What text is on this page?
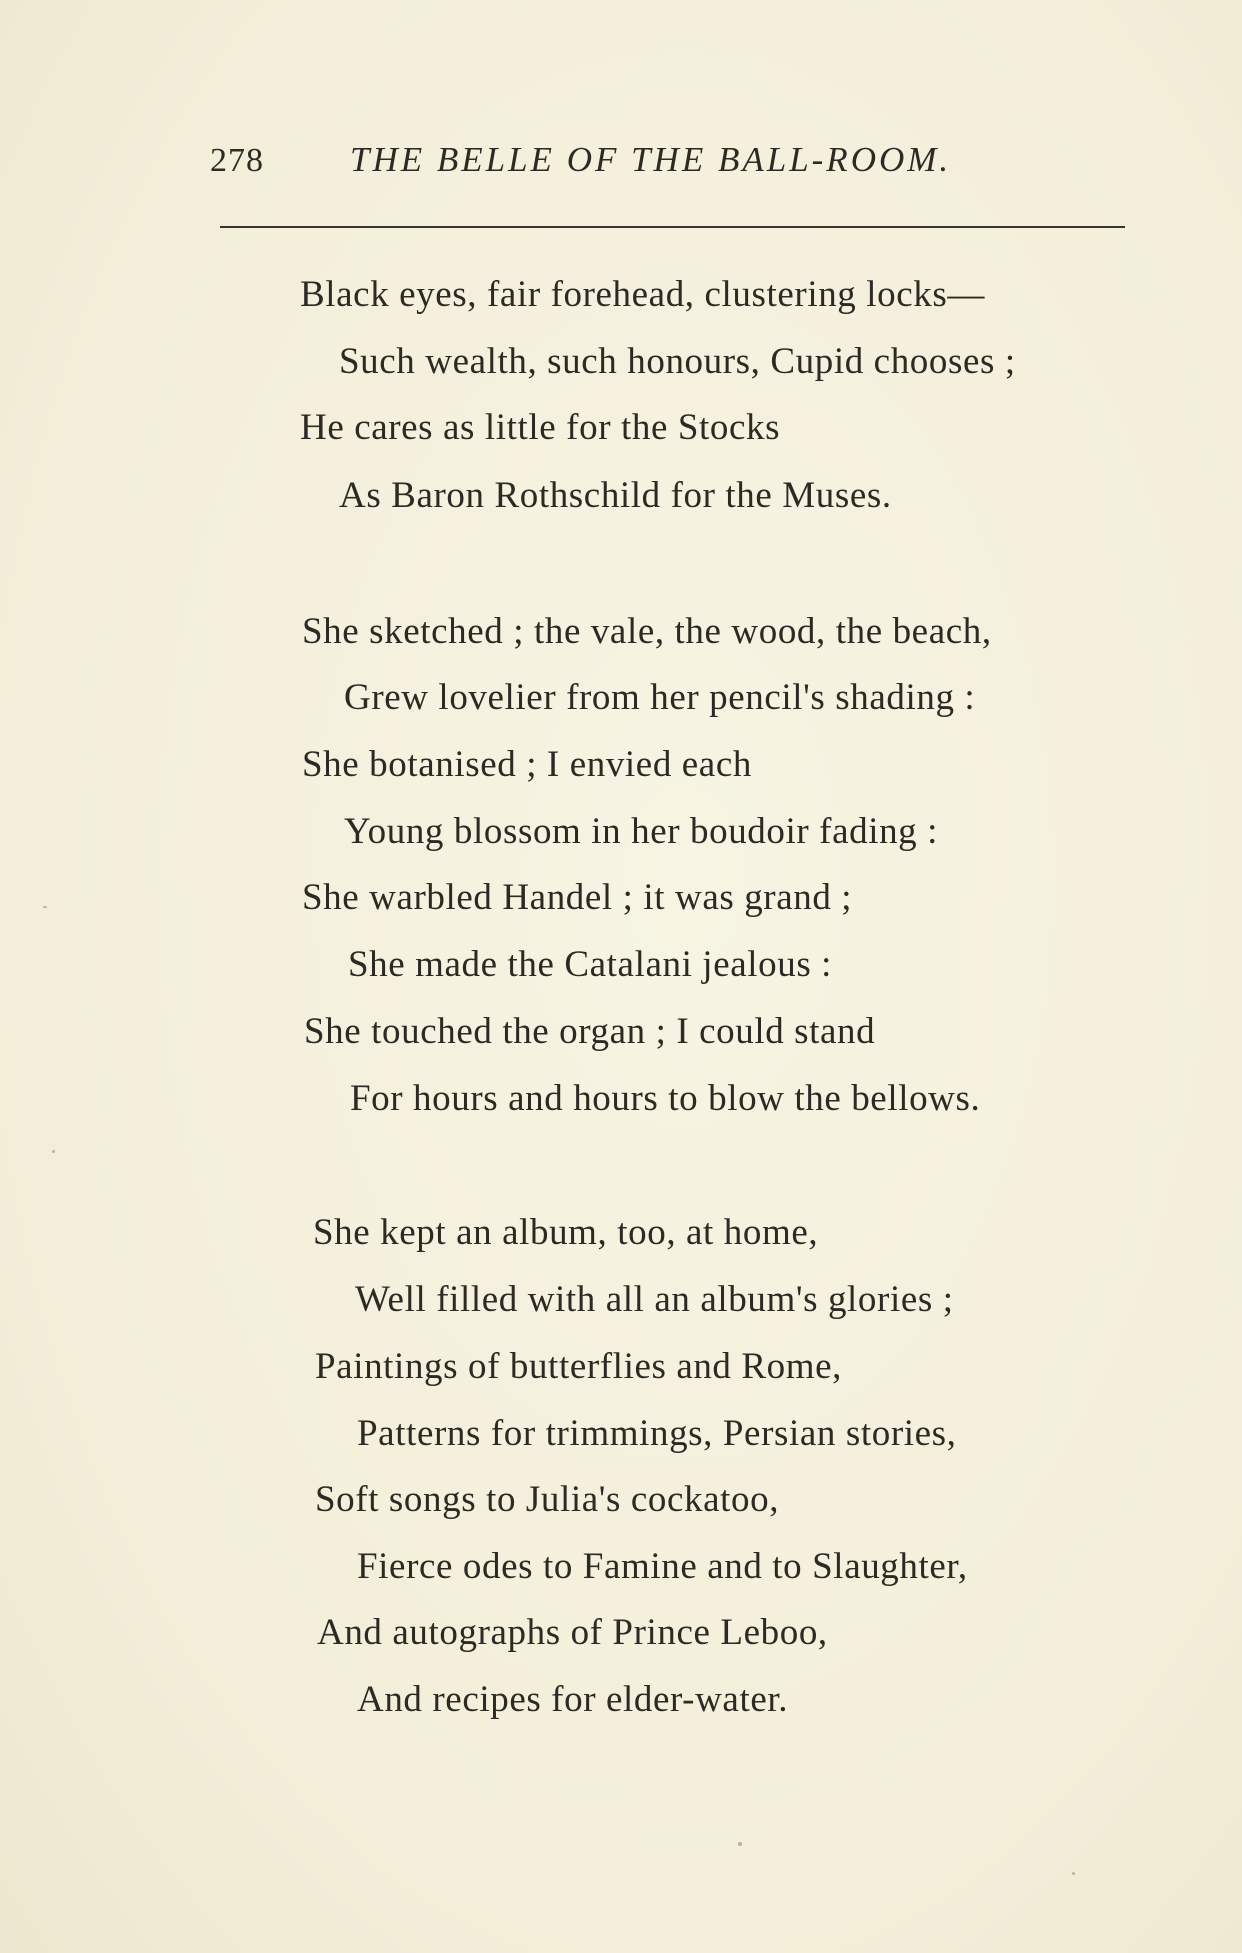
278 THE BELLE OF THE BALL-ROOM.
Black eyes, fair forehead, clustering locks—
Such wealth, such honours, Cupid chooses ;
He cares as little for the Stocks
As Baron Rothschild for the Muses.
She sketched ; the vale, the wood, the beach,
Grew lovelier from her pencil's shading :
She botanised ; I envied each
Young blossom in her boudoir fading :
She warbled Handel ; it was grand ;
She made the Catalani jealous :
She touched the organ ; I could stand
For hours and hours to blow the bellows.
She kept an album, too, at home,
Well filled with all an album's glories ;
Paintings of butterflies and Rome,
Patterns for trimmings, Persian stories,
Soft songs to Julia's cockatoo,
Fierce odes to Famine and to Slaughter,
And autographs of Prince Leboo,
And recipes for elder-water.
